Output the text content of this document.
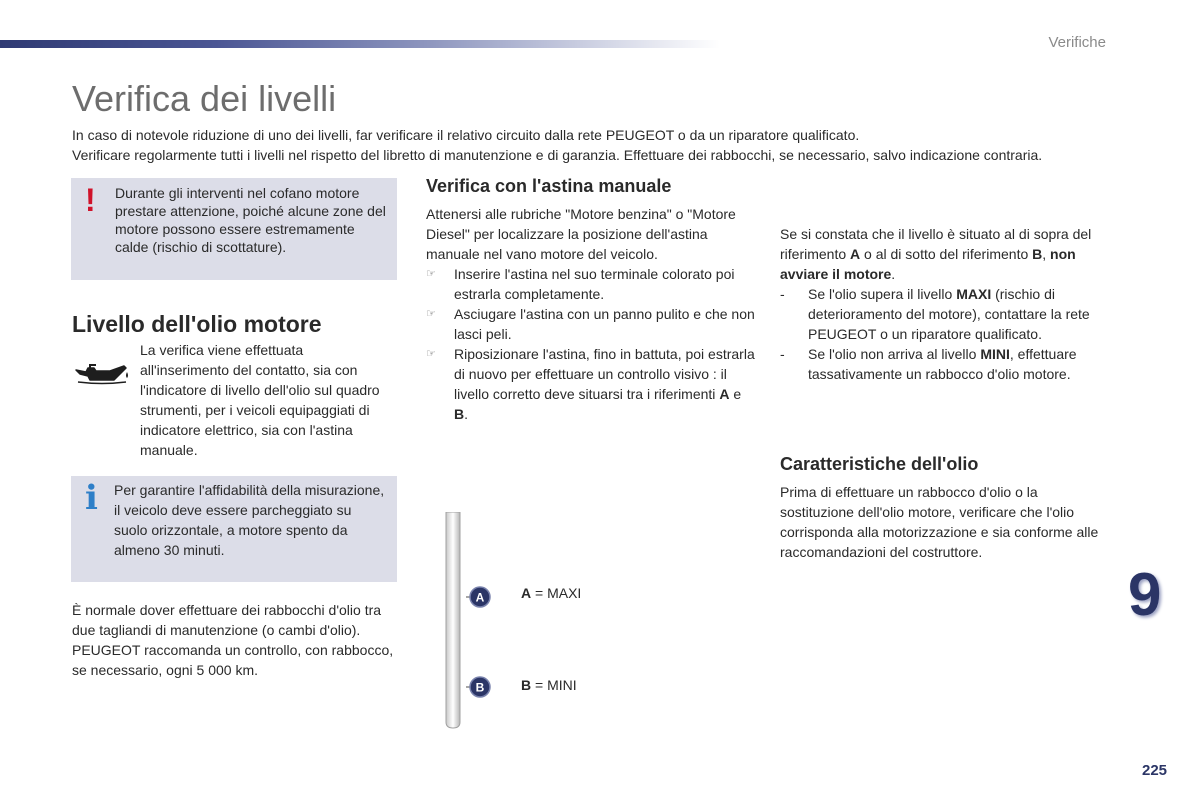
Verifiche
Verifica dei livelli

In caso di notevole riduzione di uno dei livelli, far verificare il relativo circuito dalla rete PEUGEOT o da un riparatore qualificato.

Verificare regolarmente tutti i livelli nel rispetto del libretto di manutenzione e di garanzia. Effettuare dei rabbocchi, se necessario, salvo indicazione contraria.

! Durante gli interventi nel cofano motore prestare attenzione, poiché alcune zone del motore possono essere estremamente calde (rischio di scottature).
Livello dell'olio motore
La verifica viene effettuata all'inserimento del contatto, sia con l'indicatore di livello dell'olio sul quadro strumenti, per i veicoli equipaggiati di indicatore elettrico, sia con l'astina manuale.
i Per garantire l'affidabilità della misurazione, il veicolo deve essere parcheggiato su suolo orizzontale, a motore spento da almeno 30 minuti.
È normale dover effettuare dei rabbocchi d'olio tra due tagliandi di manutenzione (o cambi d'olio). PEUGEOT raccomanda un controllo, con rabbocco, se necessario, ogni 5 000 km.
Verifica con l'astina manuale

Attenersi alle rubriche "Motore benzina" o "Motore Diesel" per localizzare la posizione dell'astina manuale nel vano motore del veicolo.

☞ Inserire l'astina nel suo terminale colorato poi estrarla completamente.
☞ Asciugare l'astina con un panno pulito e che non lasci peli.
☞ Riposizionare l'astina, fino in battuta, poi estrarla di nuovo per effettuare un controllo visivo : il livello corretto deve situarsi tra i riferimenti A e B.
A
B
A = MAXI
B = MINI

Se si constata che il livello è situato al di sopra del riferimento A o al di sotto del riferimento B, non avviare il motore.

- Se l'olio supera il livello MAXI (rischio di deterioramento del motore), contattare la rete PEUGEOT o un riparatore qualificato.
- Se l'olio non arriva al livello MINI, effettuare tassativamente un rabbocco d'olio motore.
Caratteristiche dell'olio
Prima di effettuare un rabbocco d'olio o la sostituzione dell'olio motore, verificare che l'olio corrisponda alla motorizzazione e sia conforme alle raccomandazioni del costruttore.
9
225
